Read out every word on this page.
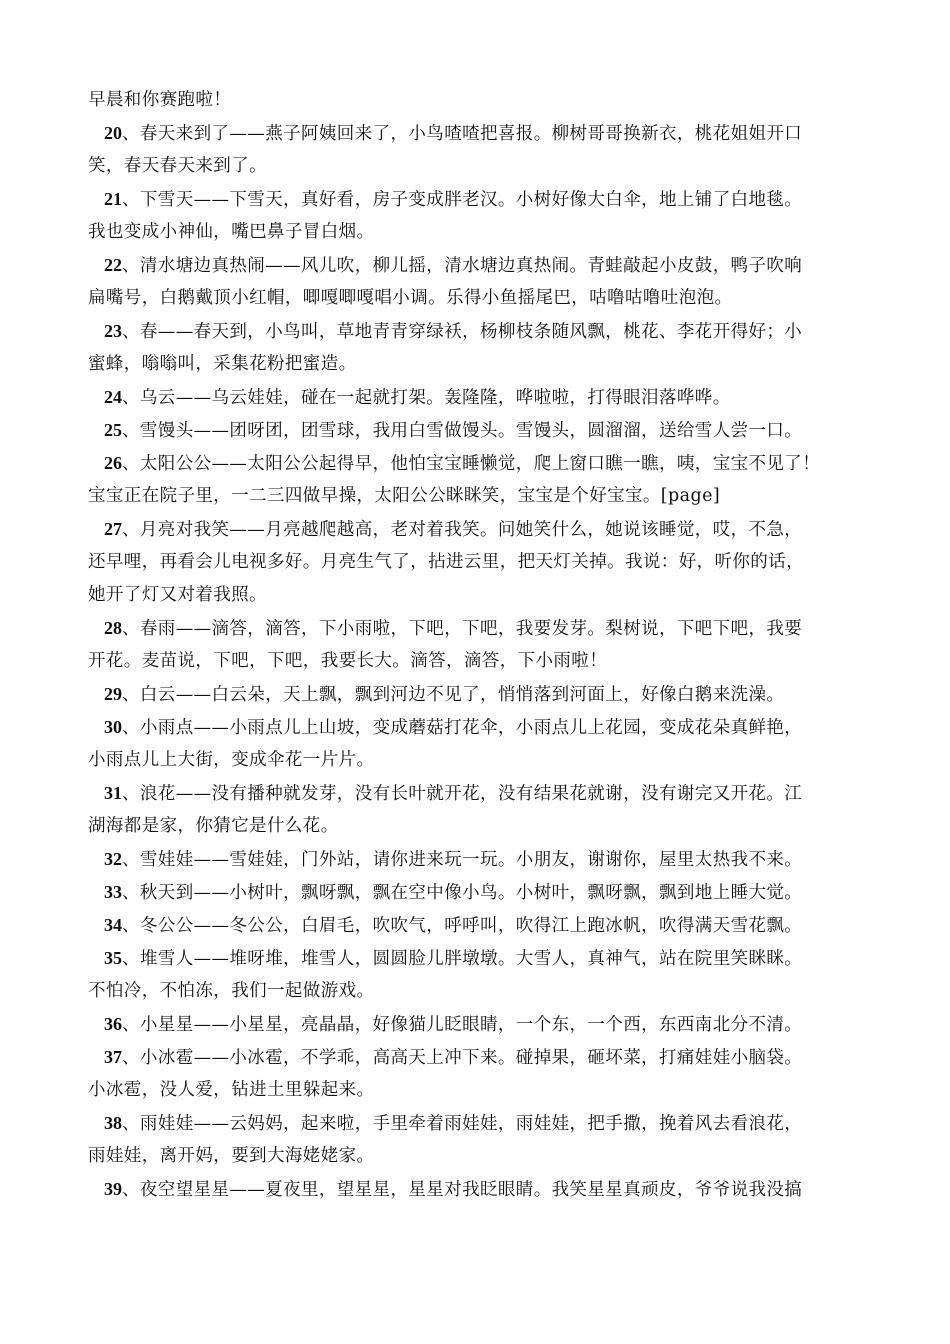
早晨和你赛跑啦！
20、春天来到了——燕子阿姨回来了，小鸟喳喳把喜报。柳树哥哥换新衣，桃花姐姐开口
笑，春天春天来到了。
21、下雪天——下雪天，真好看，房子变成胖老汉。小树好像大白伞，地上铺了白地毯。
我也变成小神仙，嘴巴鼻子冒白烟。
22、清水塘边真热闹——风儿吹，柳儿摇，清水塘边真热闹。青蛙敲起小皮鼓，鸭子吹响
扁嘴号，白鹅戴顶小红帽，唧嘎唧嘎唱小调。乐得小鱼摇尾巴，咕噜咕噜吐泡泡。
23、春——春天到，小鸟叫，草地青青穿绿袄，杨柳枝条随风飘，桃花、李花开得好；小
蜜蜂，嗡嗡叫，采集花粉把蜜造。
24、乌云——乌云娃娃，碰在一起就打架。轰隆隆，哗啦啦，打得眼泪落哗哗。
25、雪馒头——团呀团，团雪球，我用白雪做馒头。雪馒头，圆溜溜，送给雪人尝一口。
26、太阳公公——太阳公公起得早，他怕宝宝睡懒觉，爬上窗口瞧一瞧，咦，宝宝不见了！
宝宝正在院子里，一二三四做早操，太阳公公眯眯笑，宝宝是个好宝宝。[page]
27、月亮对我笑——月亮越爬越高，老对着我笑。问她笑什么，她说该睡觉，哎，不急，
还早哩，再看会儿电视多好。月亮生气了，拈进云里，把天灯关掉。我说：好，听你的话，
她开了灯又对着我照。
28、春雨——滴答，滴答，下小雨啦，下吧，下吧，我要发芽。梨树说，下吧下吧，我要
开花。麦苗说，下吧，下吧，我要长大。滴答，滴答，下小雨啦！
29、白云——白云朵，天上飘，飘到河边不见了，悄悄落到河面上，好像白鹅来洗澡。
30、小雨点——小雨点儿上山坡，变成蘑菇打花伞，小雨点儿上花园，变成花朵真鲜艳，
小雨点儿上大街，变成伞花一片片。
31、浪花——没有播种就发芽，没有长叶就开花，没有结果花就谢，没有谢完又开花。江
湖海都是家，你猜它是什么花。
32、雪娃娃——雪娃娃，门外站，请你进来玩一玩。小朋友，谢谢你，屋里太热我不来。
33、秋天到——小树叶，飘呀飘，飘在空中像小鸟。小树叶，飘呀飘，飘到地上睡大觉。
34、冬公公——冬公公，白眉毛，吹吹气，呼呼叫，吹得江上跑冰帆，吹得满天雪花飘。
35、堆雪人——堆呀堆，堆雪人，圆圆脸儿胖墩墩。大雪人，真神气，站在院里笑眯眯。
不怕冷，不怕冻，我们一起做游戏。
36、小星星——小星星，亮晶晶，好像猫儿眨眼睛，一个东，一个西，东西南北分不清。
37、小冰雹——小冰雹，不学乖，高高天上冲下来。碰掉果，砸坏菜，打痛娃娃小脑袋。
小冰雹，没人爱，钻进土里躲起来。
38、雨娃娃——云妈妈，起来啦，手里牵着雨娃娃，雨娃娃，把手撒，挽着风去看浪花，
雨娃娃，离开妈，要到大海姥姥家。
39、夜空望星星——夏夜里，望星星，星星对我眨眼睛。我笑星星真顽皮，爷爷说我没搞
